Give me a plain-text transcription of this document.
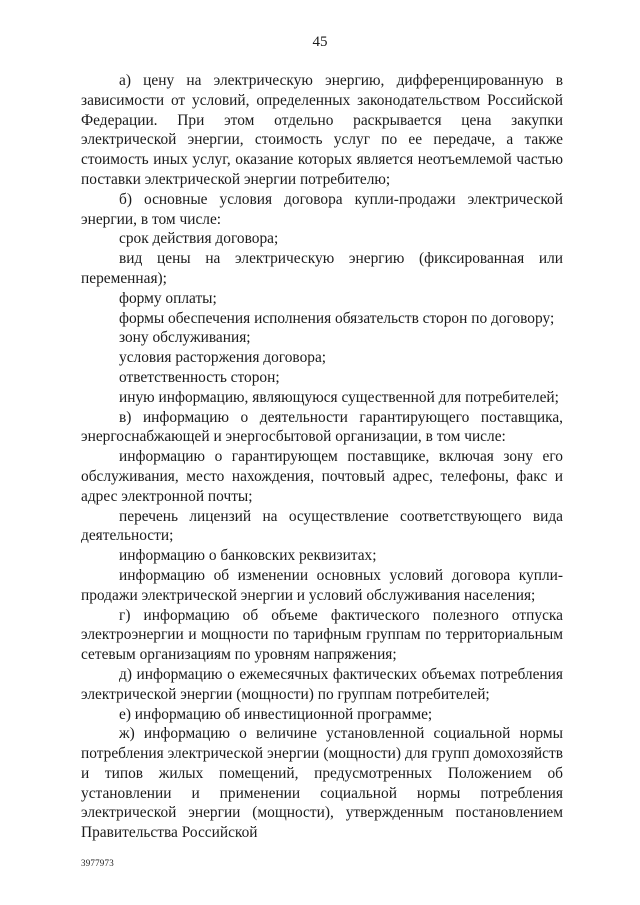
45

а) цену на электрическую энергию, дифференцированную в зависимости от условий, определенных законодательством Российской Федерации. При этом отдельно раскрывается цена закупки электрической энергии, стоимость услуг по ее передаче, а также стоимость иных услуг, оказание которых является неотъемлемой частью поставки электрической энергии потребителю;

б) основные условия договора купли-продажи электрической энергии, в том числе:

срок действия договора;

вид цены на электрическую энергию (фиксированная или переменная);

форму оплаты;

формы обеспечения исполнения обязательств сторон по договору;

зону обслуживания;

условия расторжения договора;

ответственность сторон;

иную информацию, являющуюся существенной для потребителей;

в) информацию о деятельности гарантирующего поставщика, энергоснабжающей и энергосбытовой организации, в том числе:

информацию о гарантирующем поставщике, включая зону его обслуживания, место нахождения, почтовый адрес, телефоны, факс и адрес электронной почты;

перечень лицензий на осуществление соответствующего вида деятельности;

информацию о банковских реквизитах;

информацию об изменении основных условий договора купли-продажи электрической энергии и условий обслуживания населения;

г) информацию об объеме фактического полезного отпуска электроэнергии и мощности по тарифным группам по территориальным сетевым организациям по уровням напряжения;

д) информацию о ежемесячных фактических объемах потребления электрической энергии (мощности) по группам потребителей;

е) информацию об инвестиционной программе;

ж) информацию о величине установленной социальной нормы потребления электрической энергии (мощности) для групп домохозяйств и типов жилых помещений, предусмотренных Положением об установлении и применении социальной нормы потребления электрической энергии (мощности), утвержденным постановлением Правительства Российской

3977973
